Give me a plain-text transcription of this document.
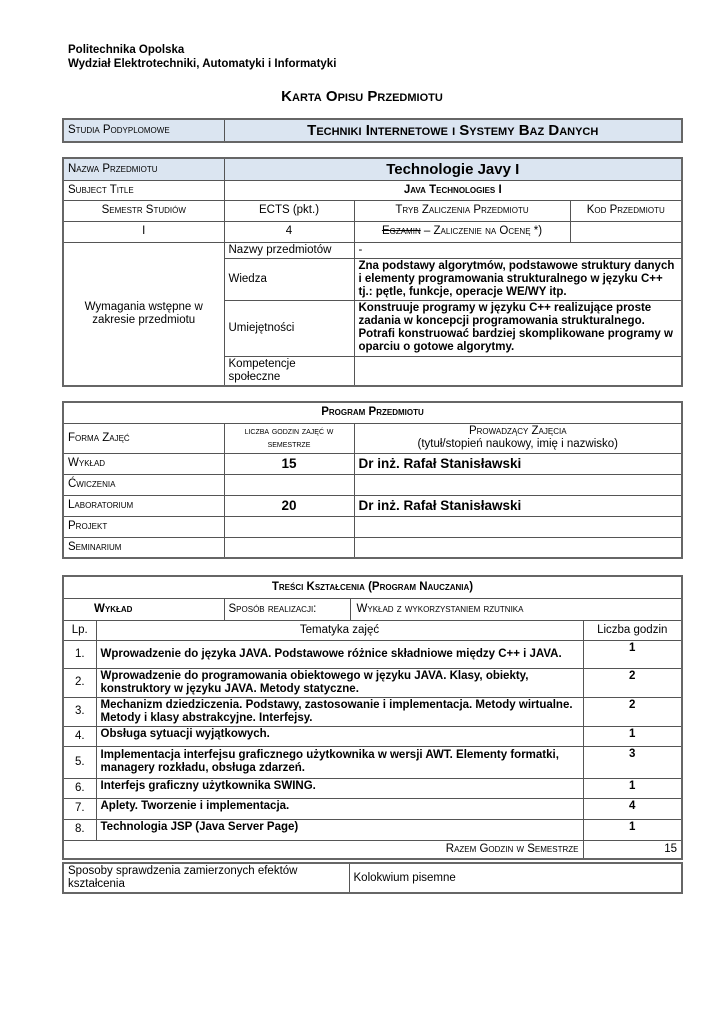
Politechnika Opolska
Wydział Elektrotechniki, Automatyki i Informatyki
Karta Opisu Przedmiotu
Studia Podyplomowe	Techniki Internetowe i Systemy Baz Danych
Nazwa Przedmiotu	Technologie Javy I		
Subject Title	Java Technologies I		
Semestr Studiów	ECTS (pkt.)	Tryb Zaliczenia Przedmiotu	Kod Przedmiotu
I	4	Egzamin – Zaliczenie na Ocenę *)	
Wymagania wstępne w zakresie przedmiotu	Nazwy przedmiotów	-	
	Wiedza	Zna podstawy algorytmów, podstawowe struktury danych i elementy programowania strukturalnego w języku C++ tj.: pętle, funkcje, operacje WE/WY itp.	
	Umiejętności	Konstruuje programy w języku C++ realizujące proste zadania w koncepcji programowania strukturalnego. Potrafi konstruować bardziej skomplikowane programy w oparciu o gotowe algorytmy.	
	Kompetencje społeczne		
Program Przedmiotu		
Forma Zajęć	liczba godzin zajęć w semestrze	Prowadzący Zajęcia
(tytuł/stopień naukowy, imię i nazwisko)

Wykład	15	Dr inż. Rafał Stanisławski
Ćwiczenia		
Laboratorium	20	Dr inż. Rafał Stanisławski
Projekt		
Seminarium		
Treści Kształcenia (Program Nauczania)			
Wykład		Sposób realizacji: Wykład z wykorzystaniem rzutnika	

Lp.	Tematyka zajęć		Liczba godzin
1.	Wprowadzenie do języka JAVA. Podstawowe różnice składniowe między C++ i JAVA.		1
2.	Wprowadzenie do programowania obiektowego w języku JAVA. Klasy, obiekty, konstruktory w języku JAVA. Metody statyczne.		2
3.	Mechanizm dziedziczenia. Podstawy, zastosowanie i implementacja. Metody wirtualne. Metody i klasy abstrakcyjne. Interfejsy.		2
4.	Obsługa sytuacji wyjątkowych.		1
5.	Implementacja interfejsu graficznego użytkownika w wersji AWT. Elementy formatki, managery rozkładu, obsługa zdarzeń.		3
6.	Interfejs graficzny użytkownika SWING.		1
7.	Aplety. Tworzenie i implementacja.		4
8.	Technologia JSP (Java Server Page)		1
Razem Godzin w Semestrze			15
Sposoby sprawdzenia zamierzonych efektów kształcenia	Kolokwium pisemne
